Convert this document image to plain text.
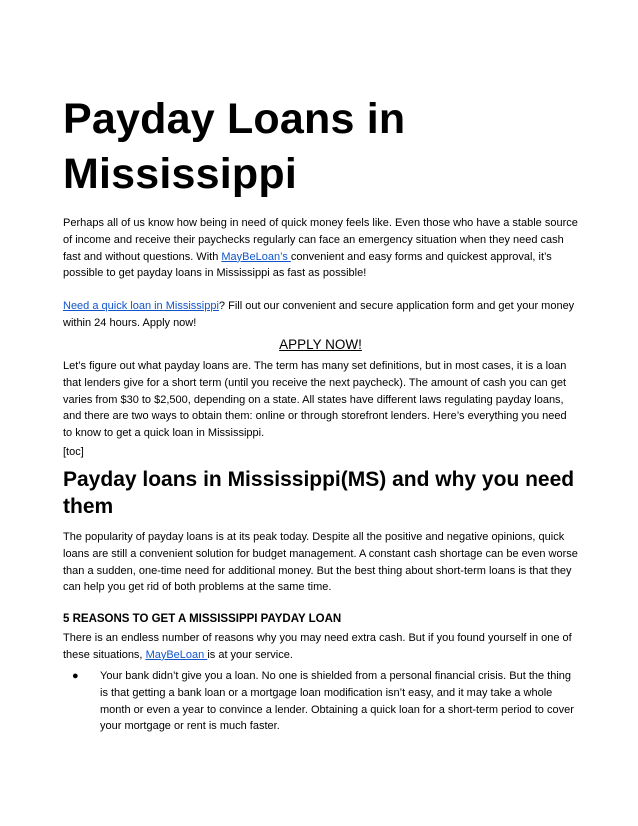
Payday Loans in Mississippi

Perhaps all of us know how being in need of quick money feels like. Even those who have a stable source of income and receive their paychecks regularly can face an emergency situation when they need cash fast and without questions. With MayBeLoan’s convenient and easy forms and quickest approval, it’s possible to get payday loans in Mississippi as fast as possible!

Need a quick loan in Mississippi? Fill out our convenient and secure application form and get your money within 24 hours. Apply now!

APPLY NOW!

Let’s figure out what payday loans are. The term has many set definitions, but in most cases, it is a loan that lenders give for a short term (until you receive the next paycheck). The amount of cash you can get varies from $30 to $2,500, depending on a state. All states have different laws regulating payday loans, and there are two ways to obtain them: online or through storefront lenders. Here’s everything you need to know to get a quick loan in Mississippi.

[toc]

Payday loans in Mississippi(MS) and why you need them

The popularity of payday loans is at its peak today. Despite all the positive and negative opinions, quick loans are still a convenient solution for budget management. A constant cash shortage can be even worse than a sudden, one-time need for additional money. But the best thing about short-term loans is that they can help you get rid of both problems at the same time.

5 REASONS TO GET A MISSISSIPPI PAYDAY LOAN

There is an endless number of reasons why you may need extra cash. But if you found yourself in one of these situations, MayBeLoan is at your service.

● Your bank didn’t give you a loan. No one is shielded from a personal financial crisis. But the thing is that getting a bank loan or a mortgage loan modification isn’t easy, and it may take a whole month or even a year to convince a lender. Obtaining a quick loan for a short-term period to cover your mortgage or rent is much faster.
